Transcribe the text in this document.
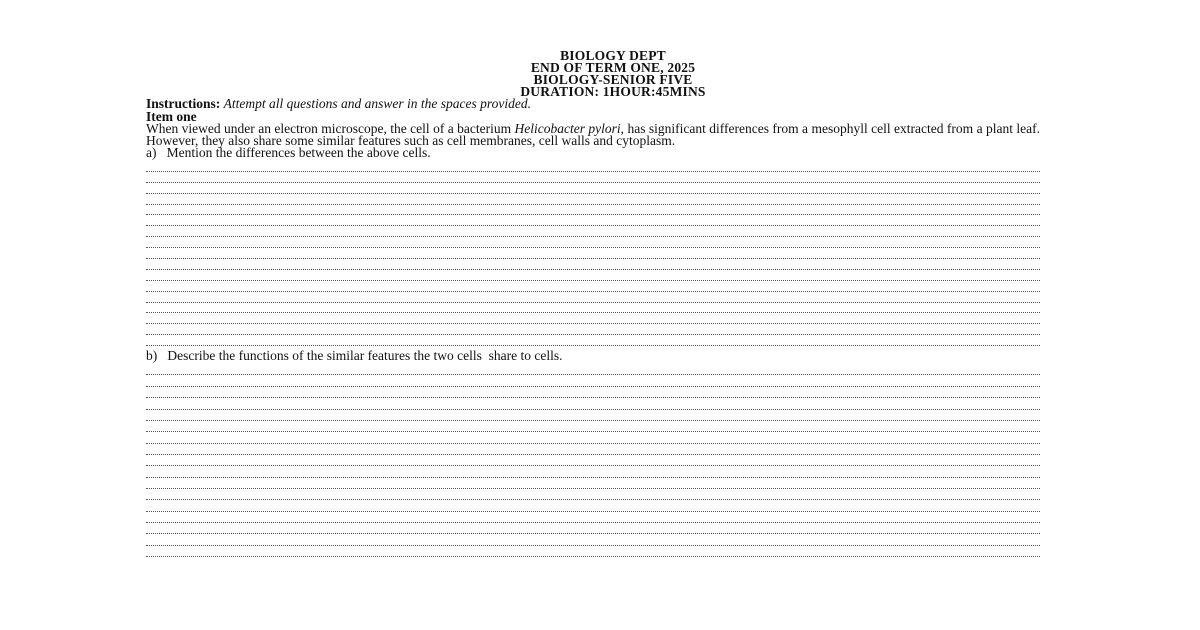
BIOLOGY DEPT
END OF TERM ONE, 2025
BIOLOGY-SENIOR FIVE
DURATION: 1HOUR:45MINS
Instructions: Attempt all questions and answer in the spaces provided.
Item one
When viewed under an electron microscope, the cell of a bacterium Helicobacter pylori, has significant differences from a mesophyll cell extracted from a plant leaf. However, they also share some similar features such as cell membranes, cell walls and cytoplasm.
a)   Mention the differences between the above cells.
b)   Describe the functions of the similar features the two cells  share to cells.
